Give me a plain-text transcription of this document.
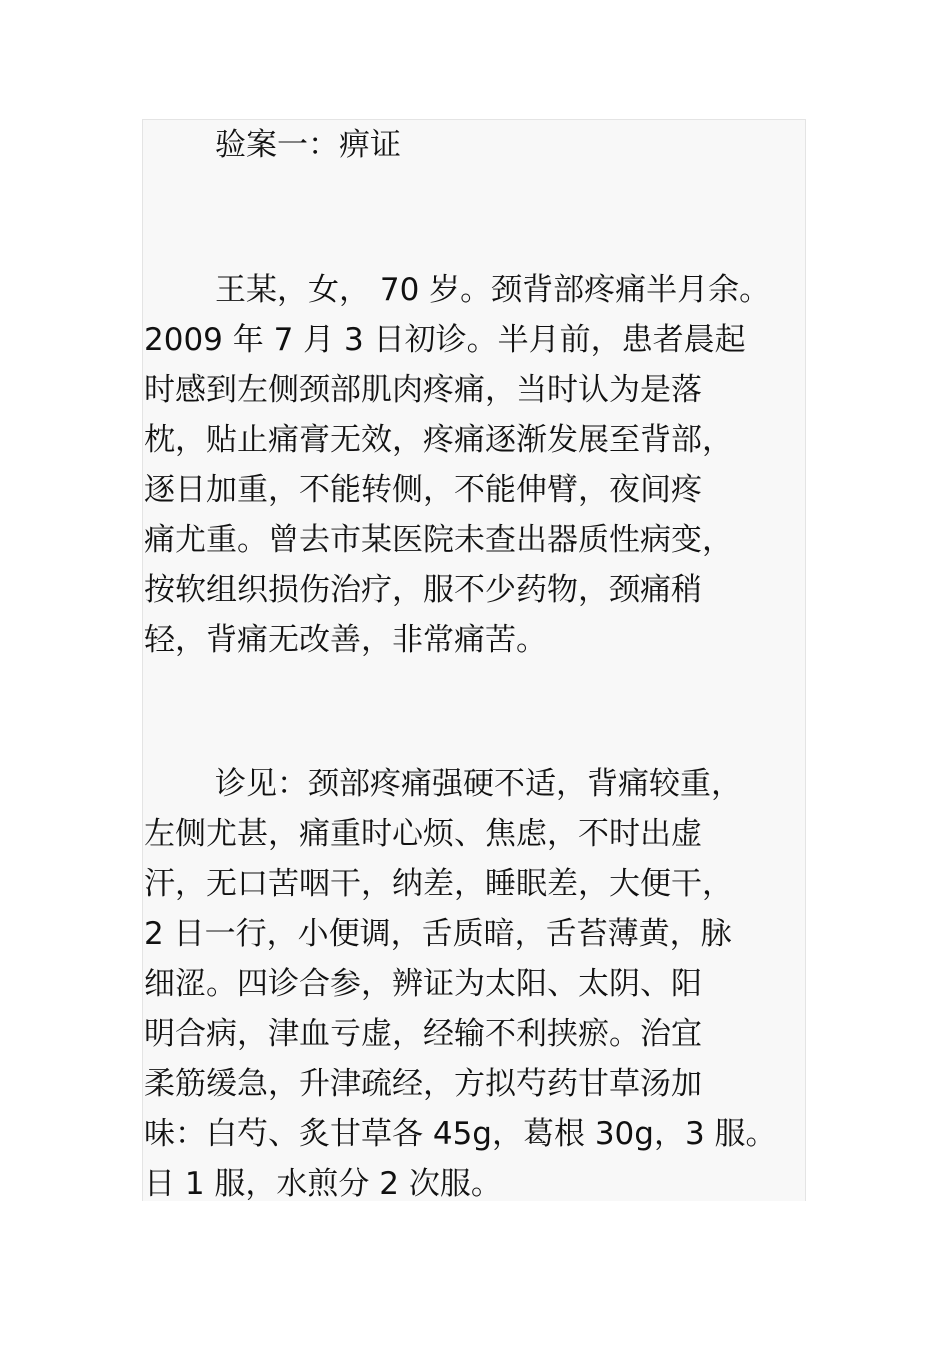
验案一：痹证
王某，女， 70 岁。颈背部疼痛半月余。
2009 年 7 月 3 日初诊。半月前，患者晨起
时感到左侧颈部肌肉疼痛，当时认为是落
枕，贴止痛膏无效，疼痛逐渐发展至背部，
逐日加重，不能转侧，不能伸臂，夜间疼
痛尤重。曾去市某医院未查出器质性病变，
按软组织损伤治疗，服不少药物，颈痛稍
轻，背痛无改善，非常痛苦。
诊见：颈部疼痛强硬不适，背痛较重，
左侧尤甚，痛重时心烦、焦虑，不时出虚
汗，无口苦咽干，纳差，睡眠差，大便干，
2 日一行，小便调，舌质暗，舌苔薄黄，脉
细涩。四诊合参，辨证为太阳、太阴、阳
明合病，津血亏虚，经输不利挟瘀。治宜
柔筋缓急，升津疏经，方拟芍药甘草汤加
味：白芍、炙甘草各 45g，葛根 30g，3 服。
日 1 服，水煎分 2 次服。
